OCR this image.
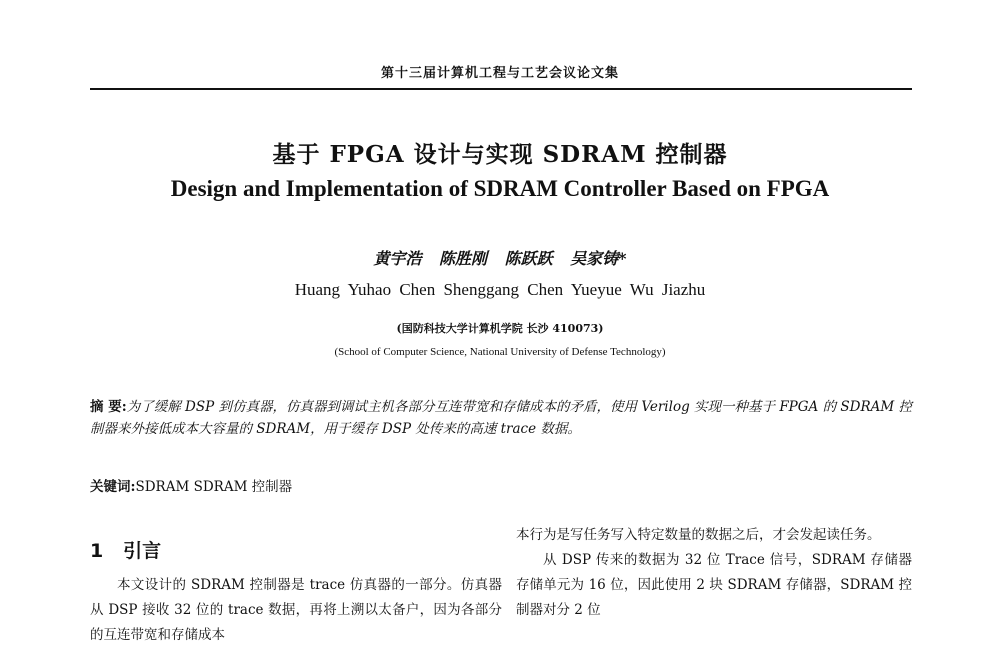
第十三届计算机工程与工艺会议论文集
基于 FPGA 设计与实现 SDRAM 控制器
Design and Implementation of SDRAM Controller Based on FPGA
黄宇浩 陈胜刚 陈跃跃 吴家铸*
Huang Yuhao Chen Shenggang Chen Yueyue Wu Jiazhu
(国防科技大学计算机学院 长沙 410073)
(School of Computer Science, National University of Defense Technology)
摘 要:为了缓解 DSP 到仿真器，仿真器到调试主机各部分互连带宽和存储成本的矛盾，使用 Verilog 实现一种基于 FPGA 的 SDRAM 控制器来外接低成本大容量的 SDRAM，用于缓存 DSP 处传来的高速 trace 数据。
关键词:SDRAM SDRAM 控制器
1 引言

本文设计的 SDRAM 控制器是 trace 仿真器的一部分。仿真器从 DSP 接收 32 位的 trace 数据，再将上溯以太备户，因为各部分的互连带宽和存储成本

本行为是写任务写入特定数量的数据之后，才会发起读任务。

从 DSP 传来的数据为 32 位 Trace 信号，SDRAM 存储器存储单元为 16 位，因此使用 2 块 SDRAM 存储器，SDRAM 控制器对分 2 位
